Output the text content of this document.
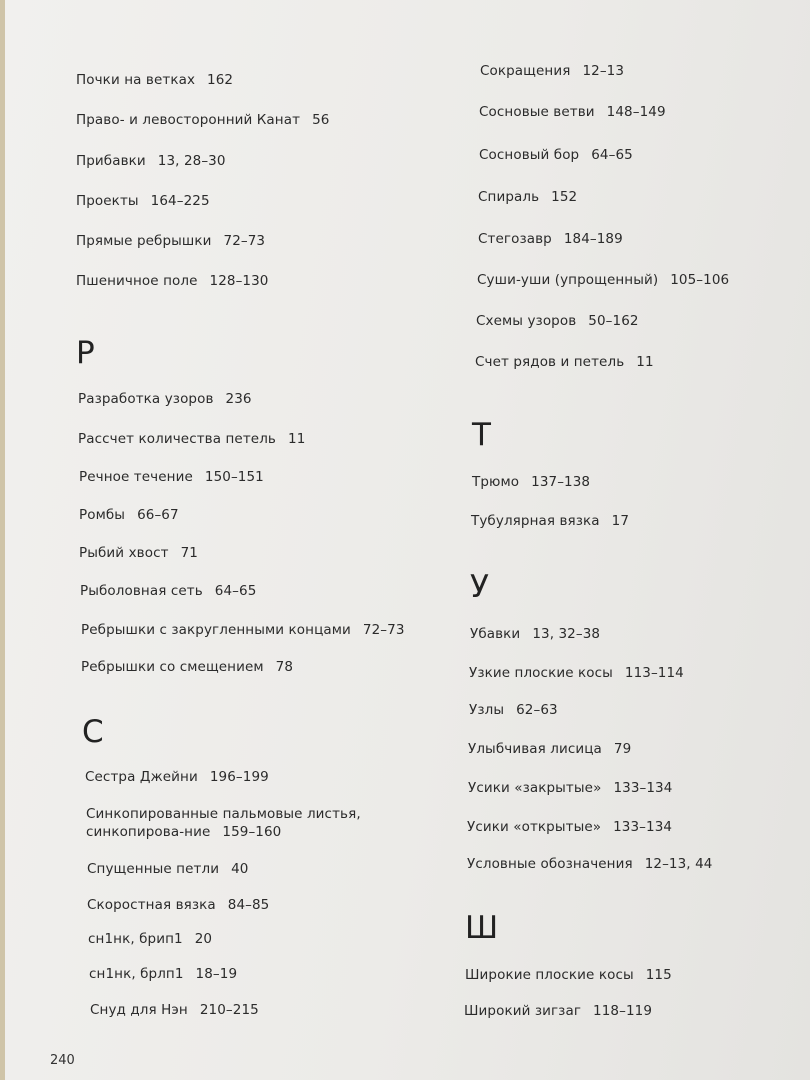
Почки на ветках 162
Право- и левосторонний Канат 56
Прибавки 13, 28–30
Проекты 164–225
Прямые ребрышки 72–73
Пшеничное поле 128–130
Р
Разработка узоров 236
Рассчет количества петель 11
Речное течение 150–151
Ромбы 66–67
Рыбий хвост 71
Рыболовная сеть 64–65
Ребрышки с закругленными концами 72–73
Ребрышки со смещением 78
С
Сестра Джейни 196–199
Синкопированные пальмовые листья, синкопирова-ние 159–160
Спущенные петли 40
Скоростная вязка 84–85
сн1нк, брип1 20
сн1нк, брлп1 18–19
Снуд для Нэн 210–215
Сокращения 12–13
Сосновые ветви 148–149
Сосновый бор 64–65
Спираль 152
Стегозавр 184–189
Суши-уши (упрощенный) 105–106
Схемы узоров 50–162
Счет рядов и петель 11
Т
Трюмо 137–138
Тубулярная вязка 17
У
Убавки 13, 32–38
Узкие плоские косы 113–114
Узлы 62–63
Улыбчивая лисица 79
Усики «закрытые» 133–134
Усики «открытые» 133–134
Условные обозначения 12–13, 44
Ш
Широкие плоские косы 115
Широкий зигзаг 118–119
240
